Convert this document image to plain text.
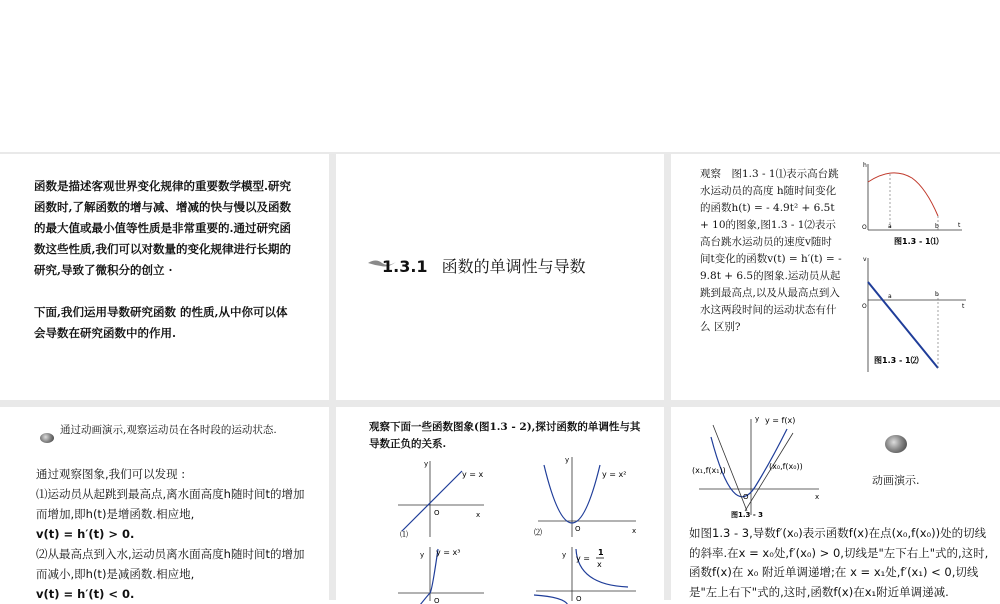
函数是描述客观世界变化规律的重要数学模型.研究函数时,了解函数的增与减、增减的快与慢以及函数的最大值或最小值等性质是非常重要的.通过研究函数这些性质,我们可以对数量的变化规律进行长期的研究,导致了微积分的创立 ·
下面,我们运用导数研究函数 的性质,从中你可以体会导数在研究函数中的作用.
1.3.1 函数的单调性与导数
观察　图1.3 - 1⑴表示高台跳水运动员的高度 h随时间变化的函数h(t) = - 4.9t² + 6.5t + 10的图象,图1.3 - 1⑵表示高台跳水运动员的速度v随时间t变化的函数v(t) = h′(t) = - 9.8t + 6.5的图象.运动员从起跳到最高点,以及从最高点到入水这两段时间的运动状态有什么 区别?
h
t
O	a	b
图1.3 - 1⑴
v
t
O
a	b
图1.3 - 1⑵
通过动画演示,观察运动员在各时段的运动状态.
通过观察图象,我们可以发现 :
⑴运动员从起跳到最高点,离水面高度h随时间t的增加而增加,即h(t)是增函数.相应地,
v(t) = h′(t) > 0.
⑵从最高点到入水,运动员离水面高度h随时间t的增加而减小,即h(t)是减函数.相应地,
v(t) = h′(t) < 0.
观察下面一些函数图象(图1.3 - 2),探讨函数的单调性与其导数正负的关系.
y = x
y
x
O
⑴
y = x²
y
x
O
⑵
y = x³
y
O
y y =
1
x
O
y y = f(x)
(x₁,f(x₁))	(x₀,f(x₀))
O	x
图1.3 - 3
动画演示.
如图1.3 - 3,导数f′(x₀)表示函数f(x)在点(x₀,f(x₀))处的切线的斜率.在x = x₀处,f′(x₀) > 0,切线是"左下右上"式的,这时,函数f(x)在 x₀ 附近单调递增;在 x = x₁处,f′(x₁) < 0,切线是"左上右下"式的,这时,函数f(x)在x₁附近单调递减.
